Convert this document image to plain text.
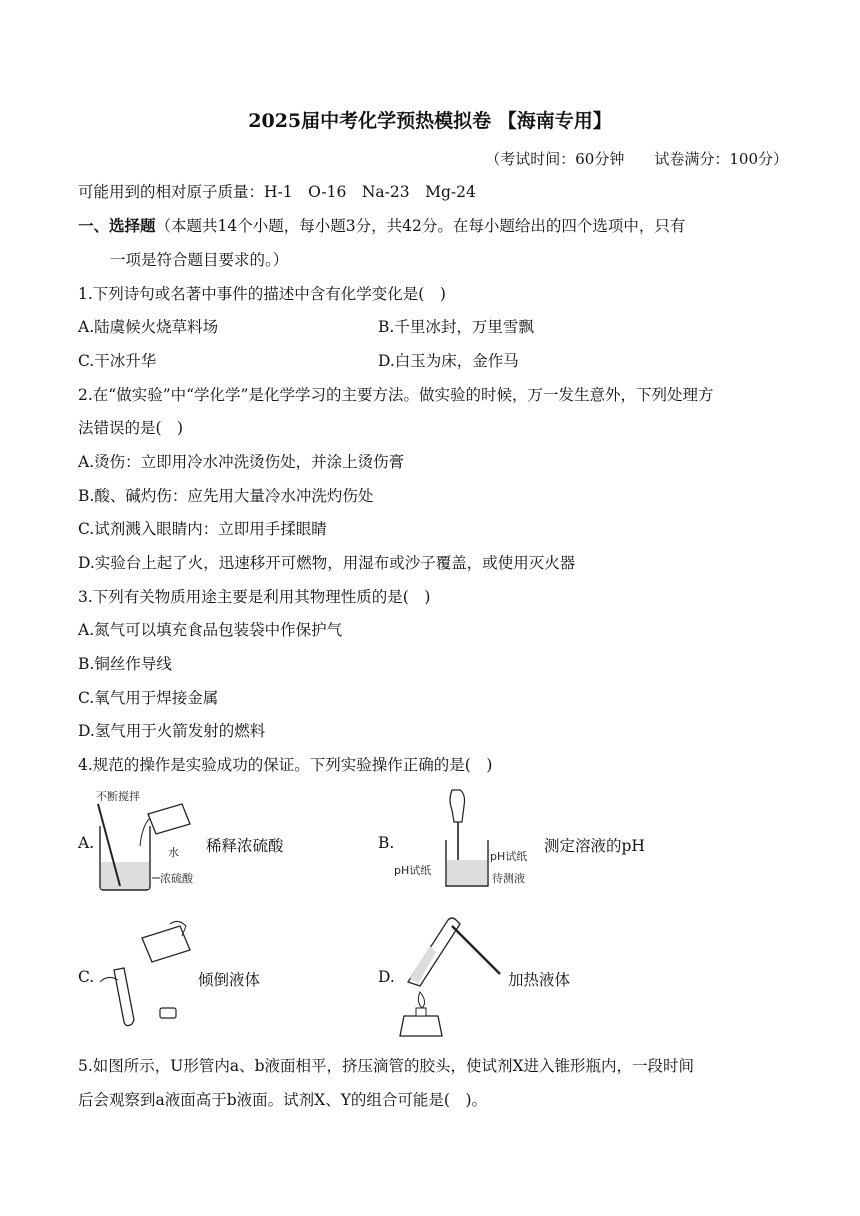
2025届中考化学预热模拟卷 【海南专用】
（考试时间：60分钟　　试卷满分：100分）
可能用到的相对原子质量：H-1　O-16　Na-23　Mg-24
一、选择题（本题共14个小题，每小题3分，共42分。在每小题给出的四个选项中，只有
一项是符合题目要求的。）
1.下列诗句或名著中事件的描述中含有化学变化是(　)
A.陆虞候火烧草料场	B.千里冰封，万里雪飘
C.干冰升华	D.白玉为床，金作马
2.在“做实验”中“学化学”是化学学习的主要方法。做实验的时候，万一发生意外，下列处理方
法错误的是(　)
A.烫伤：立即用冷水冲洗烫伤处，并涂上烫伤膏
B.酸、碱灼伤：应先用大量冷水冲洗灼伤处
C.试剂溅入眼睛内：立即用手揉眼睛
D.实验台上起了火，迅速移开可燃物，用湿布或沙子覆盖，或使用灭火器
3.下列有关物质用途主要是利用其物理性质的是(　)
A.氮气可以填充食品包装袋中作保护气
B.铜丝作导线
C.氧气用于焊接金属
D.氢气用于火箭发射的燃料
4.规范的操作是实验成功的保证。下列实验操作正确的是(　)
A.
不断搅拌
水
浓硫酸
稀释浓硫酸	B.
pH试纸
pH试纸
待测液
测定溶液的pH
C.	倾倒液体	D.	加热液体
5.如图所示，U形管内a、b液面相平，挤压滴管的胶头，使试剂X进入锥形瓶内，一段时间
后会观察到a液面高于b液面。试剂X、Y的组合可能是(　)。
